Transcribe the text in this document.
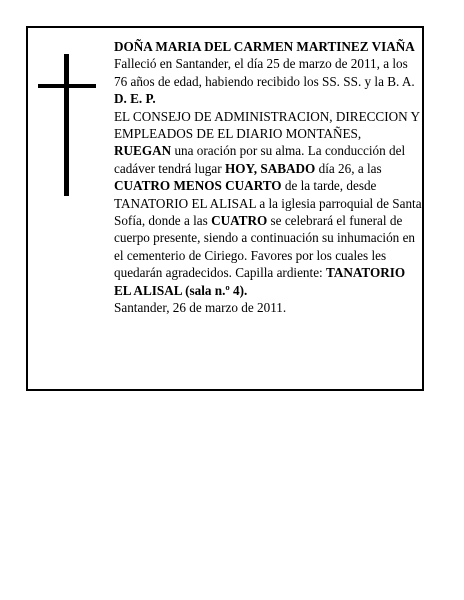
DOÑA MARIA DEL CARMEN MARTINEZ VIAÑA

Falleció en Santander, el día 25 de marzo de 2011, a los 76 años de edad, habiendo recibido los SS. SS. y la B. A.

D. E. P.

EL CONSEJO DE ADMINISTRACION, DIRECCION Y EMPLEADOS DE EL DIARIO MONTAÑES,

RUEGAN una oración por su alma. La conducción del cadáver tendrá lugar HOY, SABADO día 26, a las CUATRO MENOS CUARTO de la tarde, desde TANATORIO EL ALISAL a la iglesia parroquial de Santa Sofía, donde a las CUATRO se celebrará el funeral de cuerpo presente, siendo a continuación su inhumación en el cementerio de Ciriego. Favores por los cuales les quedarán agradecidos. Capilla ardiente: TANATORIO EL ALISAL (sala n.º 4).

Santander, 26 de marzo de 2011.
